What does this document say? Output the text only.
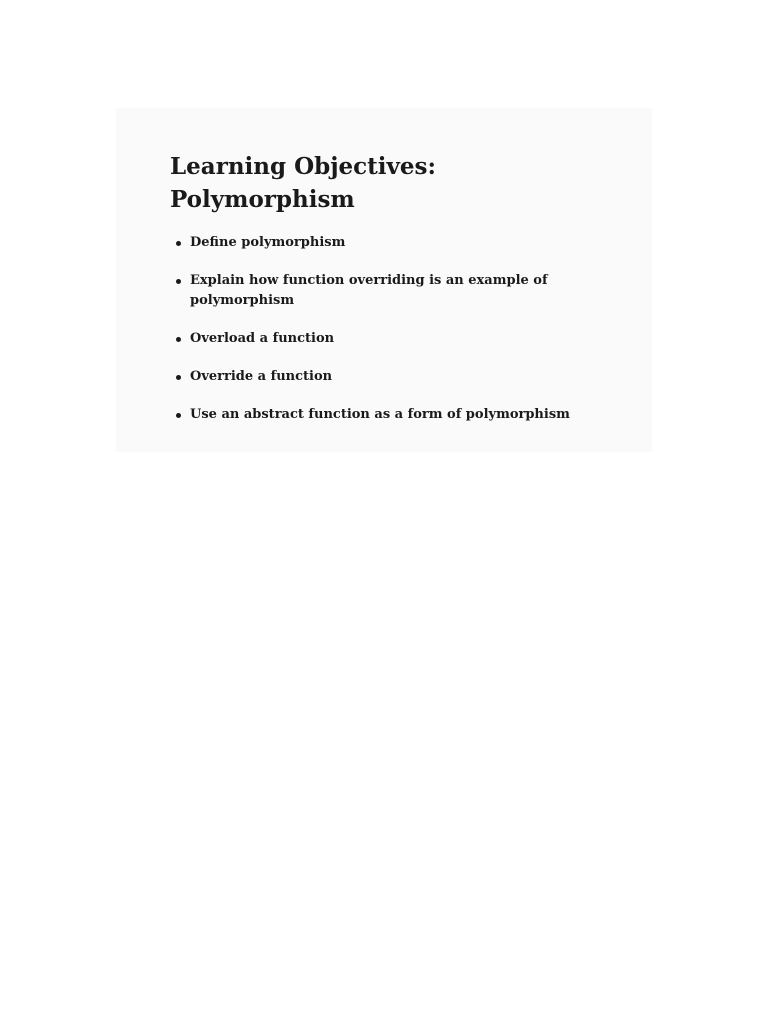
Learning Objectives:
Polymorphism
Define polymorphism
Explain how function overriding is an example of polymorphism
Overload a function
Override a function
Use an abstract function as a form of polymorphism
